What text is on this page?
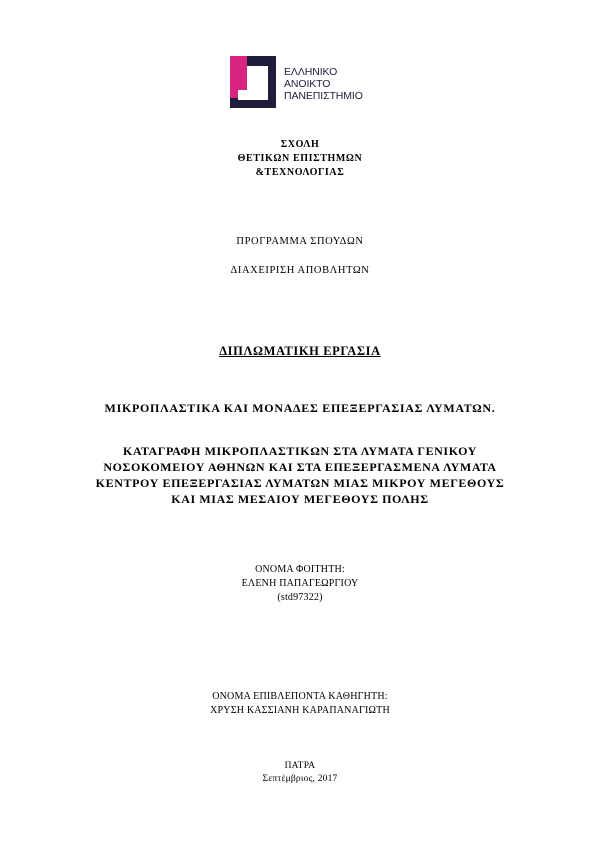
ΕΛΛΗΝΙΚΟ
ΑΝΟΙΚΤΟ
ΠΑΝΕΠΙΣΤΗΜΙΟ
ΣΧΟΛΗ
ΘΕΤΙΚΩΝ ΕΠΙΣΤΗΜΩΝ
&ΤΕΧΝΟΛΟΓΙΑΣ
ΠΡΟΓΡΑΜΜΑ ΣΠΟΥΔΩΝ
ΔΙΑΧΕΙΡΙΣΗ ΑΠΟΒΛΗΤΩΝ
ΔΙΠΛΩΜΑΤΙΚΗ ΕΡΓΑΣΙΑ
ΜΙΚΡΟΠΛΑΣΤΙΚΑ ΚΑΙ ΜΟΝΑΔΕΣ ΕΠΕΞΕΡΓΑΣΙΑΣ ΛΥΜΑΤΩΝ.
ΚΑΤΑΓΡΑΦΗ ΜΙΚΡΟΠΛΑΣΤΙΚΩΝ ΣΤΑ ΛΥΜΑΤΑ ΓΕΝΙΚΟΥ
ΝΟΣΟΚΟΜΕΙΟΥ ΑΘΗΝΩΝ ΚΑΙ ΣΤΑ ΕΠΕΞΕΡΓΑΣΜΕΝΑ ΛΥΜΑΤΑ
ΚΕΝΤΡΟΥ ΕΠΕΞΕΡΓΑΣΙΑΣ ΛΥΜΑΤΩΝ ΜΙΑΣ ΜΙΚΡΟΥ ΜΕΓΕΘΟΥΣ
ΚΑΙ ΜΙΑΣ ΜΕΣΑΙΟΥ ΜΕΓΕΘΟΥΣ ΠΟΛΗΣ
ΟΝΟΜΑ ΦΟΙΤΗΤΗ:
ΕΛΕΝΗ ΠΑΠΑΓΕΩΡΓΙΟΥ
(std97322)
ΟΝΟΜΑ ΕΠΙΒΛΕΠΟΝΤΑ ΚΑΘΗΓΗΤΗ:
ΧΡΥΣΗ ΚΑΣΣΙΑΝΗ ΚΑΡΑΠΑΝΑΓΙΩΤΗ
ΠΑΤΡΑ
Σεπτέμβριος, 2017
